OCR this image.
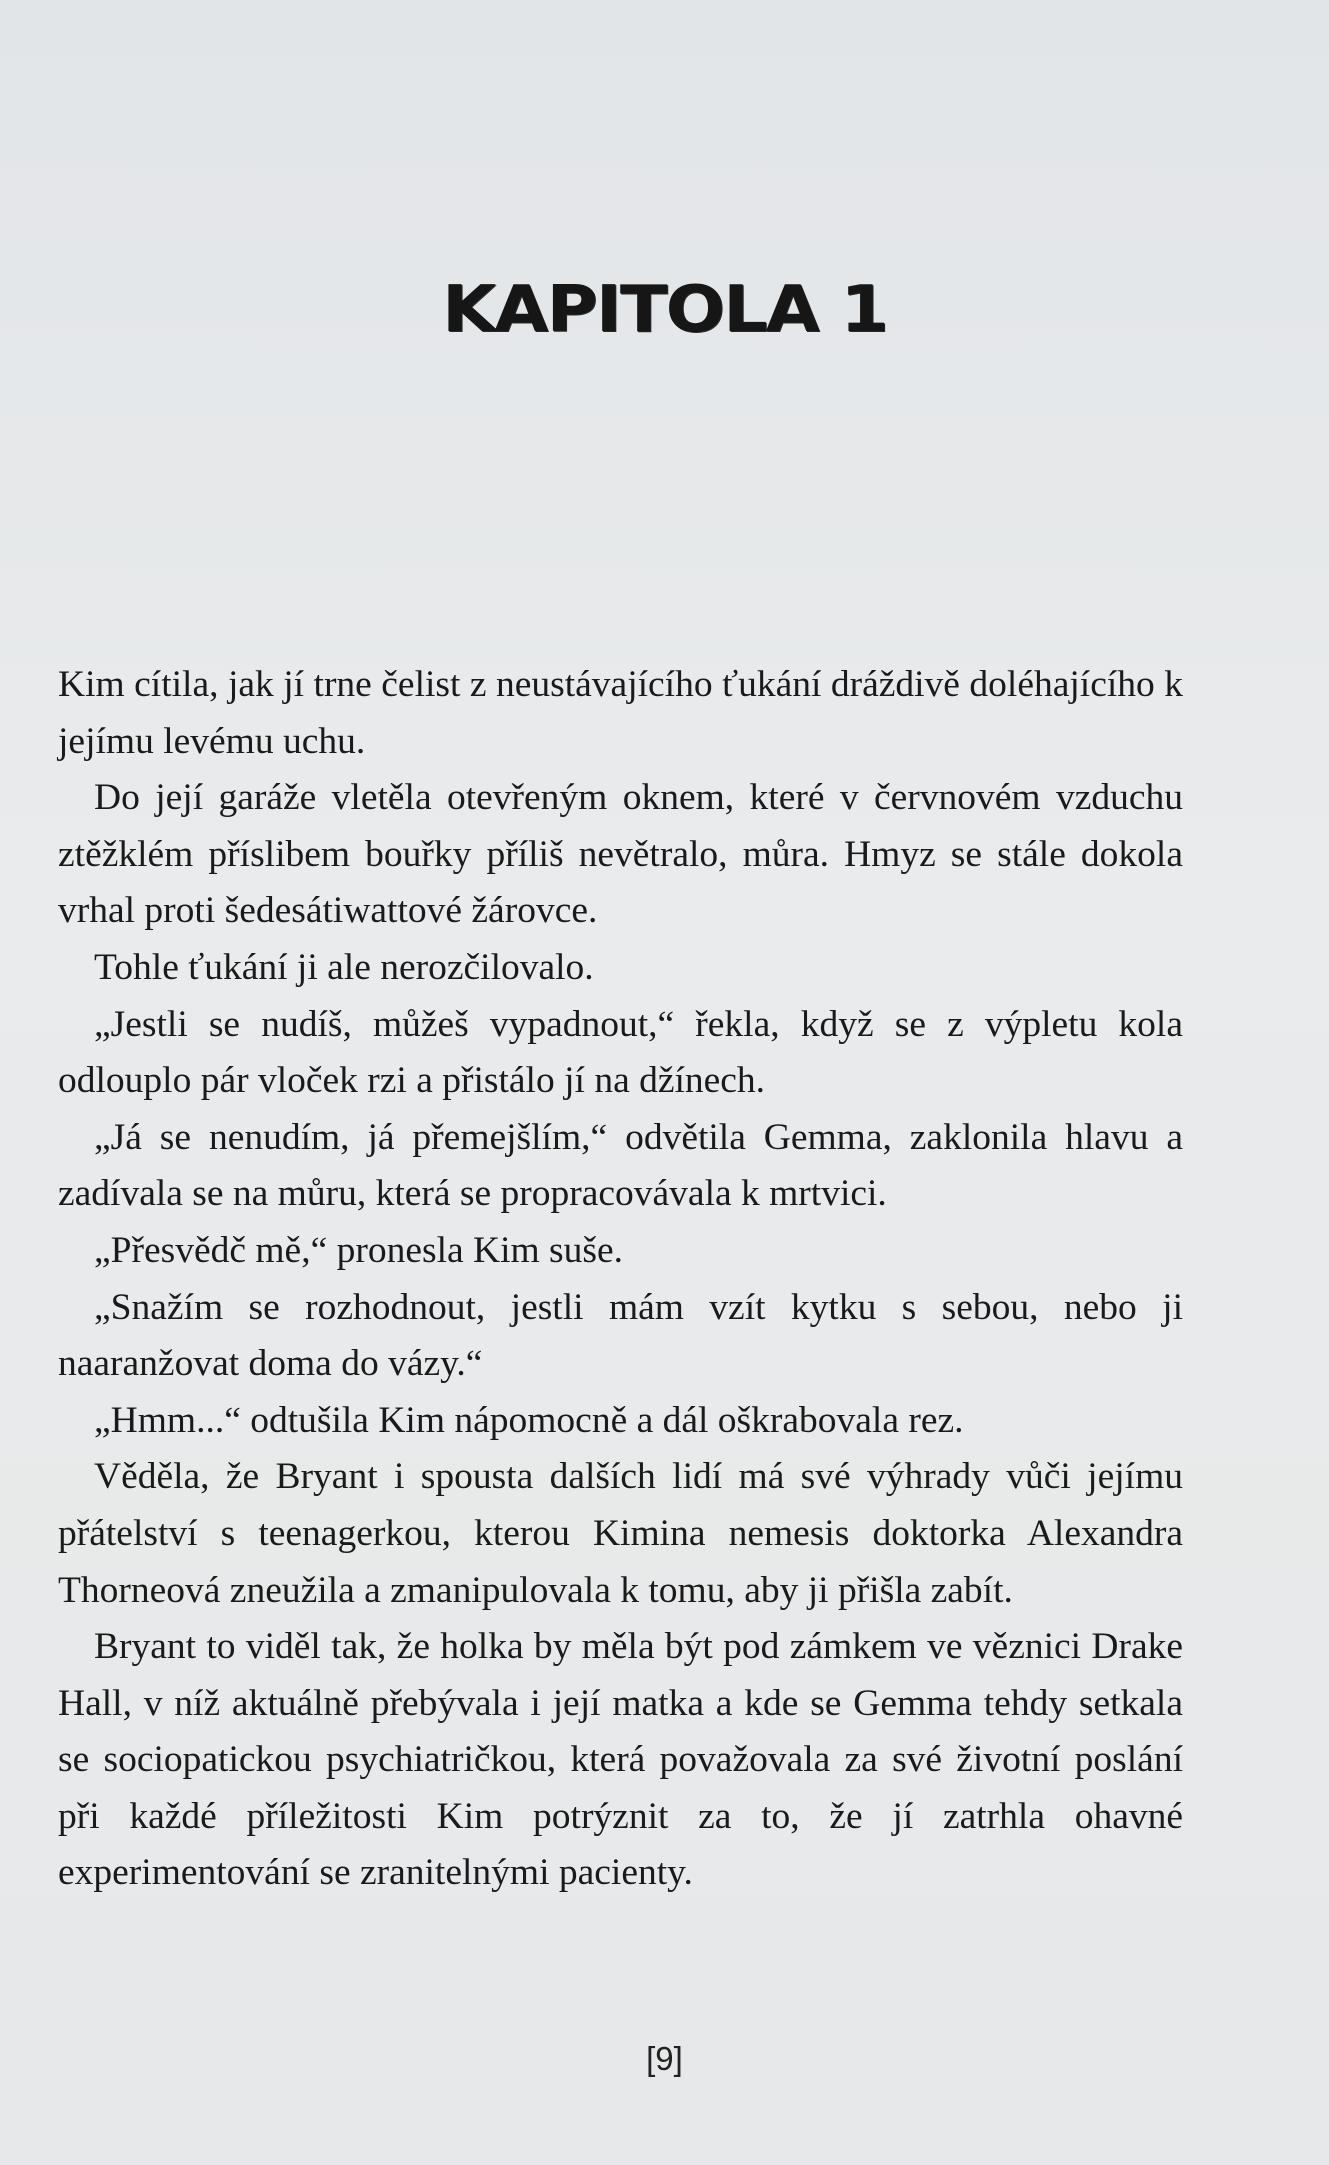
KAPITOLA 1

Kim cítila, jak jí trne čelist z neustávajícího ťukání dráždivě doléhajícího k jejímu levému uchu.

Do její garáže vletěla otevřeným oknem, které v červnovém vzduchu ztěžklém příslibem bouřky příliš nevětralo, můra. Hmyz se stále dokola vrhal proti šedesátiwattové žárovce.

Tohle ťukání ji ale nerozčilovalo.

„Jestli se nudíš, můžeš vypadnout,“ řekla, když se z výpletu kola odlouplo pár vloček rzi a přistálo jí na džínech.

„Já se nenudím, já přemejšlím,“ odvětila Gemma, zaklonila hlavu a zadívala se na můru, která se propracovávala k mrtvici.

„Přesvědč mě,“ pronesla Kim suše.

„Snažím se rozhodnout, jestli mám vzít kytku s sebou, nebo ji naaranžovat doma do vázy.“

„Hmm...“ odtušila Kim nápomocně a dál oškrabovala rez.

Věděla, že Bryant i spousta dalších lidí má své výhrady vůči jejímu přátelství s teenagerkou, kterou Kimina nemesis doktorka Alexandra Thorneová zneužila a zmanipulovala k tomu, aby ji přišla zabít.

Bryant to viděl tak, že holka by měla být pod zámkem ve věznici Drake Hall, v níž aktuálně přebývala i její matka a kde se Gemma tehdy setkala se sociopatickou psychiatričkou, která považovala za své životní poslání při každé příležitosti Kim potrýznit za to, že jí zatrhla ohavné experimentování se zranitelnými pacienty.

[9]
